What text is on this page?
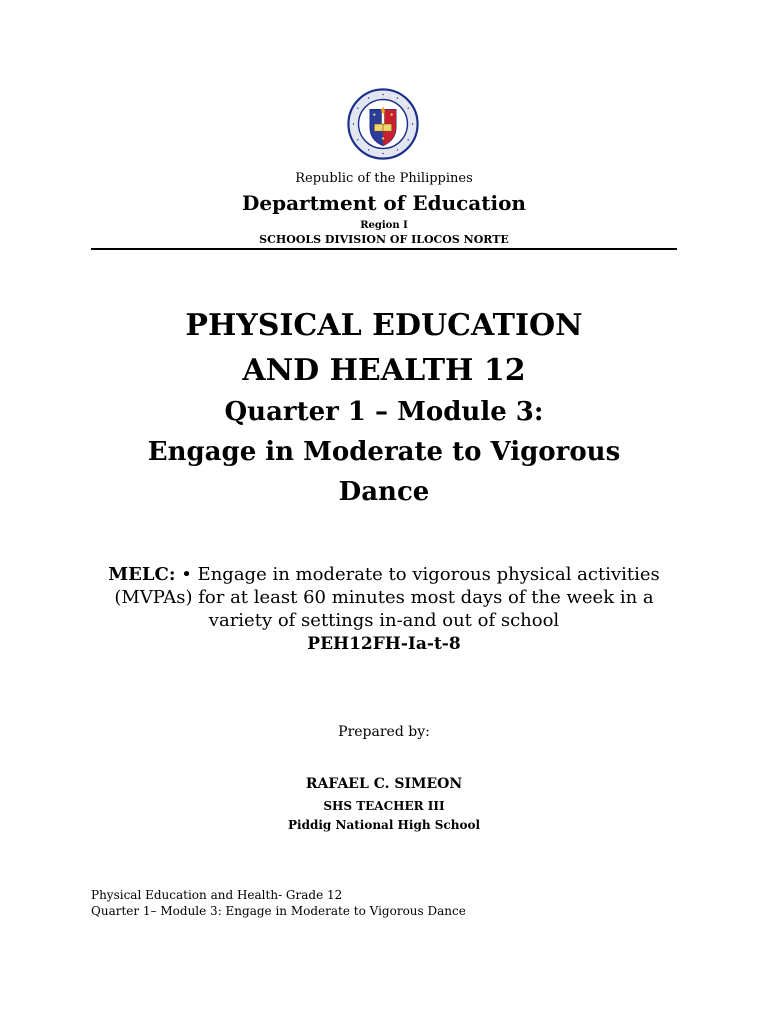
Republic of the Philippines
Department of Education
Region I
SCHOOLS DIVISION OF ILOCOS NORTE
PHYSICAL EDUCATION
AND HEALTH 12
Quarter 1 – Module 3:
Engage in Moderate to Vigorous
Dance
MELC: • Engage in moderate to vigorous physical activities (MVPAs) for at least 60 minutes most days of the week in a variety of settings in-and out of school
PEH12FH-Ia-t-8
Prepared by:
RAFAEL C. SIMEON
SHS TEACHER III
Piddig National High School
Physical Education and Health- Grade 12
Quarter 1– Module 3: Engage in Moderate to Vigorous Dance
